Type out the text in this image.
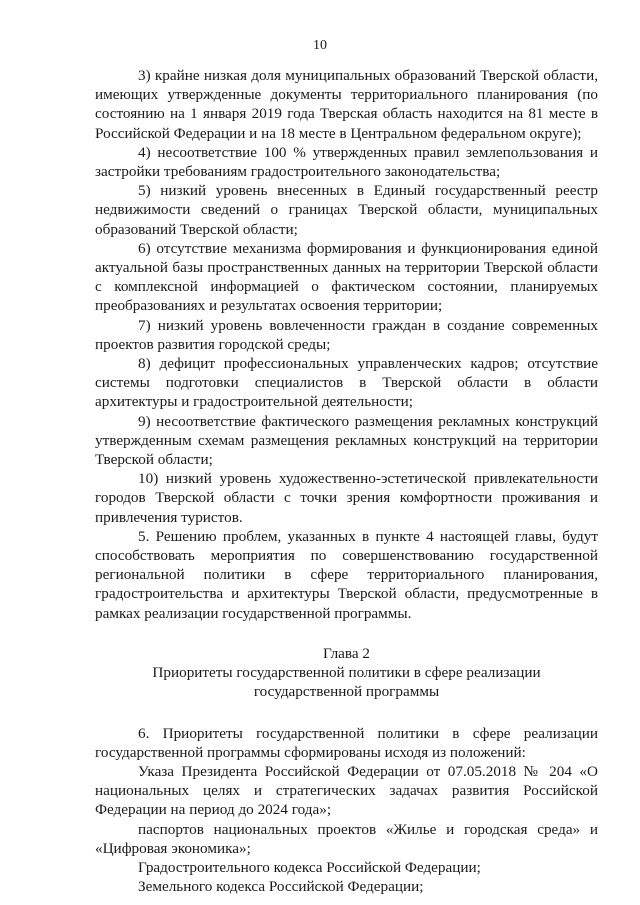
10

3) крайне низкая доля муниципальных образований Тверской области, имеющих утвержденные документы территориального планирования (по состоянию на 1 января 2019 года Тверская область находится на 81 месте в Российской Федерации и на 18 месте в Центральном федеральном округе);

4) несоответствие 100 % утвержденных правил землепользования и застройки требованиям градостроительного законодательства;

5) низкий уровень внесенных в Единый государственный реестр недвижимости сведений о границах Тверской области, муниципальных образований Тверской области;

6) отсутствие механизма формирования и функционирования единой актуальной базы пространственных данных на территории Тверской области с комплексной информацией о фактическом состоянии, планируемых преобразованиях и результатах освоения территории;

7) низкий уровень вовлеченности граждан в создание современных проектов развития городской среды;

8) дефицит профессиональных управленческих кадров; отсутствие системы подготовки специалистов в Тверской области в области архитектуры и градостроительной деятельности;

9) несоответствие фактического размещения рекламных конструкций утвержденным схемам размещения рекламных конструкций на территории Тверской области;

10) низкий уровень художественно-эстетической привлекательности городов Тверской области с точки зрения комфортности проживания и привлечения туристов.

5. Решению проблем, указанных в пункте 4 настоящей главы, будут способствовать мероприятия по совершенствованию государственной региональной политики в сфере территориального планирования, градостроительства и архитектуры Тверской области, предусмотренные в рамках реализации государственной программы.

Глава 2

Приоритеты государственной политики в сфере реализации

государственной программы

6. Приоритеты государственной политики в сфере реализации государственной программы сформированы исходя из положений:

Указа Президента Российской Федерации от 07.05.2018 № 204 «О национальных целях и стратегических задачах развития Российской Федерации на период до 2024 года»;

паспортов национальных проектов «Жилье и городская среда» и «Цифровая экономика»;

Градостроительного кодекса Российской Федерации;

Земельного кодекса Российской Федерации;
